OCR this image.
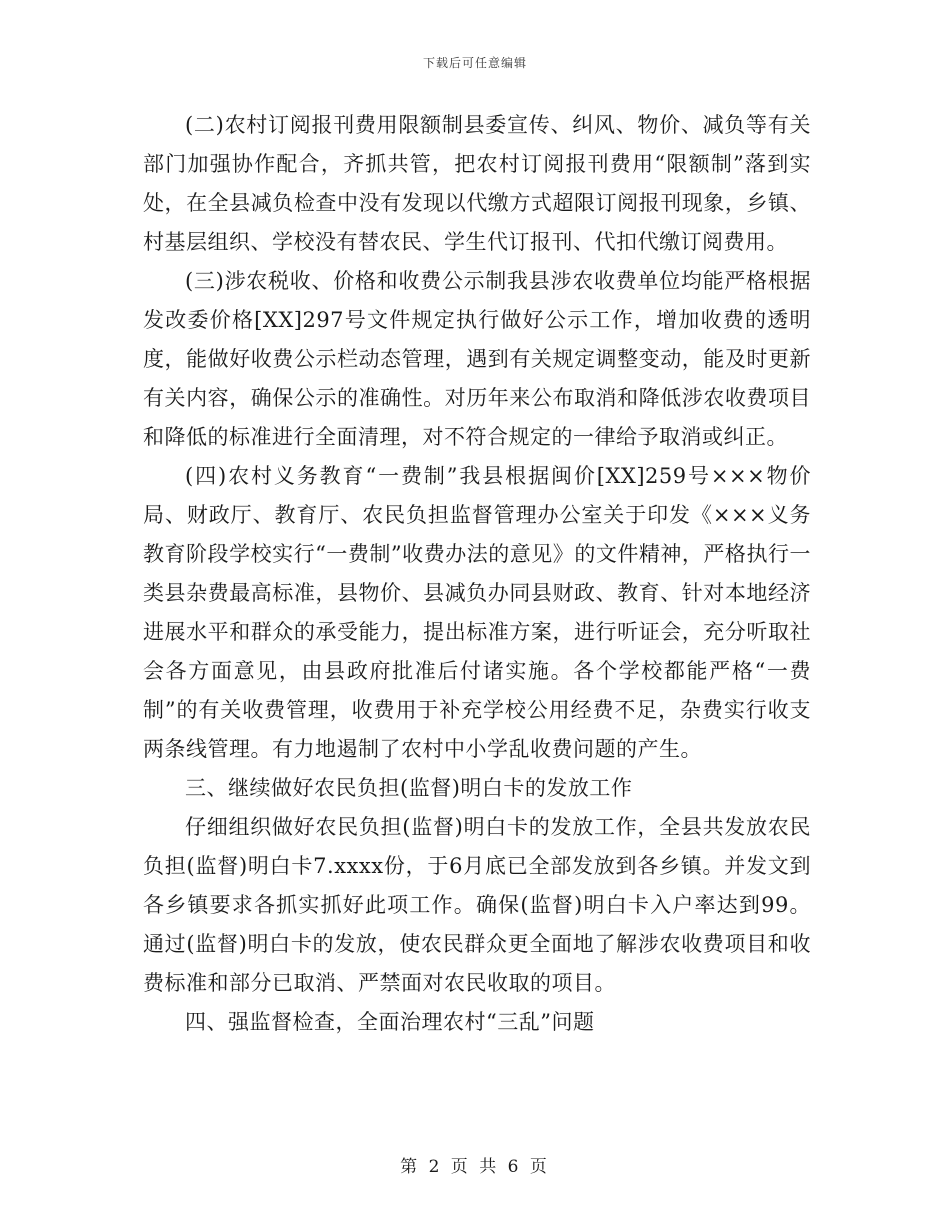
下载后可任意编辑

(二)农村订阅报刊费用限额制县委宣传、纠风、物价、减负等有关部门加强协作配合，齐抓共管，把农村订阅报刊费用“限额制”落到实处，在全县减负检查中没有发现以代缴方式超限订阅报刊现象，乡镇、村基层组织、学校没有替农民、学生代订报刊、代扣代缴订阅费用。

(三)涉农税收、价格和收费公示制我县涉农收费单位均能严格根据发改委价格[XX]297号文件规定执行做好公示工作，增加收费的透明度，能做好收费公示栏动态管理，遇到有关规定调整变动，能及时更新有关内容，确保公示的准确性。对历年来公布取消和降低涉农收费项目和降低的标准进行全面清理，对不符合规定的一律给予取消或纠正。

(四)农村义务教育“一费制”我县根据闽价[XX]259号×××物价局、财政厅、教育厅、农民负担监督管理办公室关于印发《×××义务教育阶段学校实行“一费制”收费办法的意见》的文件精神，严格执行一类县杂费最高标准，县物价、县减负办同县财政、教育、针对本地经济进展水平和群众的承受能力，提出标准方案，进行听证会，充分听取社会各方面意见，由县政府批准后付诸实施。各个学校都能严格“一费制”的有关收费管理，收费用于补充学校公用经费不足，杂费实行收支两条线管理。有力地遏制了农村中小学乱收费问题的产生。

三、继续做好农民负担(监督)明白卡的发放工作

仔细组织做好农民负担(监督)明白卡的发放工作，全县共发放农民负担(监督)明白卡7.xxxx份，于6月底已全部发放到各乡镇。并发文到各乡镇要求各抓实抓好此项工作。确保(监督)明白卡入户率达到99。通过(监督)明白卡的发放，使农民群众更全面地了解涉农收费项目和收费标准和部分已取消、严禁面对农民收取的项目。

四、强监督检查，全面治理农村“三乱”问题

第 2 页 共 6 页
